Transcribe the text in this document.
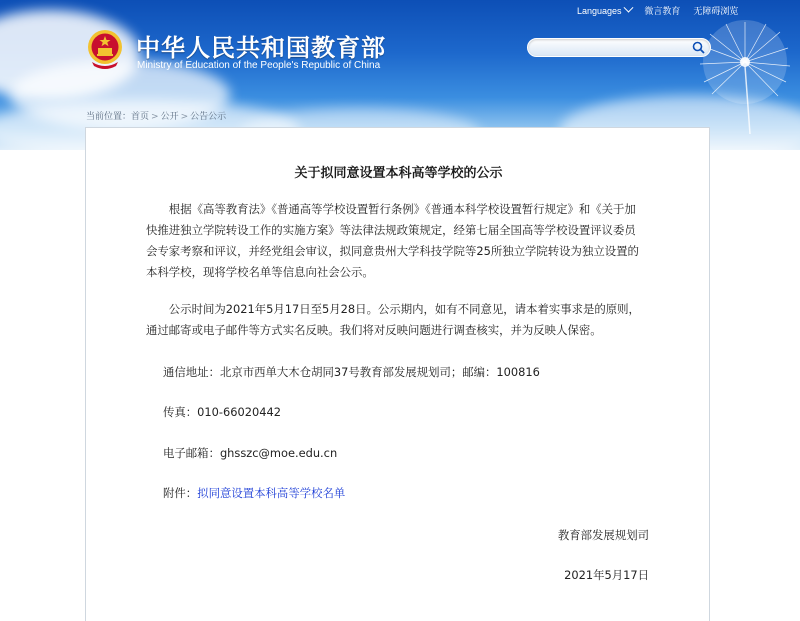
中华人民共和国教育部
Ministry of Education of the People's Republic of China
Languages	微言教育 无障碍浏览
当前位置：首页 > 公开 > 公告公示
关于拟同意设置本科高等学校的公示
根据《高等教育法》《普通高等学校设置暂行条例》《普通本科学校设置暂行规定》和《关于加快推进独立学院转设工作的实施方案》等法律法规政策规定，经第七届全国高等学校设置评议委员会专家考察和评议，并经党组会审议，拟同意贵州大学科技学院等25所独立学院转设为独立设置的本科学校，现将学校名单等信息向社会公示。
公示时间为2021年5月17日至5月28日。公示期内，如有不同意见，请本着实事求是的原则，通过邮寄或电子邮件等方式实名反映。我们将对反映问题进行调查核实，并为反映人保密。
通信地址：北京市西单大木仓胡同37号教育部发展规划司；邮编：100816
传真：010-66020442
电子邮箱：ghsszc@moe.edu.cn
附件：拟同意设置本科高等学校名单
教育部发展规划司
2021年5月17日
